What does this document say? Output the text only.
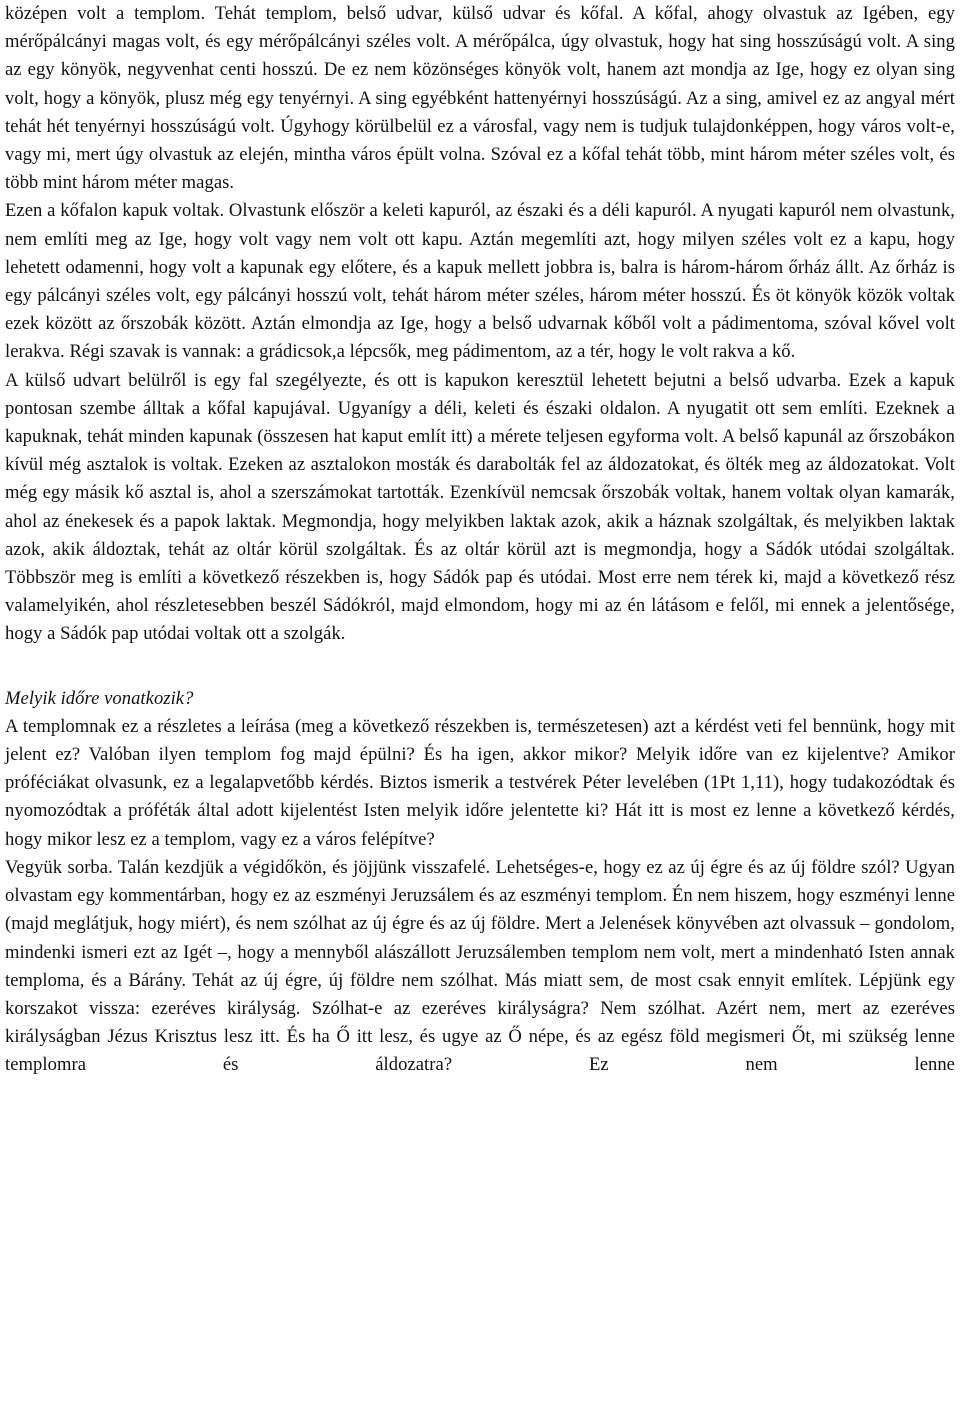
középen volt a templom. Tehát templom, belső udvar, külső udvar és kőfal. A kőfal, ahogy olvastuk az Igében, egy mérőpálcányi magas volt, és egy mérőpálcányi széles volt. A mérőpálca, úgy olvastuk, hogy hat sing hosszúságú volt. A sing az egy könyök, negyvenhat centi hosszú. De ez nem közönséges könyök volt, hanem azt mondja az Ige, hogy ez olyan sing volt, hogy a könyök, plusz még egy tenyérnyi. A sing egyébként hattenyérnyi hosszúságú. Az a sing, amivel ez az angyal mért tehát hét tenyérnyi hosszúságú volt. Úgyhogy körülbelül ez a városfal, vagy nem is tudjuk tulajdonképpen, hogy város volt-e, vagy mi, mert úgy olvastuk az elején, mintha város épült volna. Szóval ez a kőfal tehát több, mint három méter széles volt, és több mint három méter magas.

Ezen a kőfalon kapuk voltak. Olvastunk először a keleti kapuról, az északi és a déli kapuról. A nyugati kapuról nem olvastunk, nem említi meg az Ige, hogy volt vagy nem volt ott kapu. Aztán megemlíti azt, hogy milyen széles volt ez a kapu, hogy lehetett odamenni, hogy volt a kapunak egy előtere, és a kapuk mellett jobbra is, balra is három-három őrház állt. Az őrház is egy pálcányi széles volt, egy pálcányi hosszú volt, tehát három méter széles, három méter hosszú. És öt könyök közök voltak ezek között az őrszobák között. Aztán elmondja az Ige, hogy a belső udvarnak kőből volt a pádimentoma, szóval kővel volt lerakva. Régi szavak is vannak: a grádicsok,a lépcsők, meg pádimentom, az a tér, hogy le volt rakva a kő.

A külső udvart belülről is egy fal szegélyezte, és ott is kapukon keresztül lehetett bejutni a belső udvarba. Ezek a kapuk pontosan szembe álltak a kőfal kapujával. Ugyanígy a déli, keleti és északi oldalon. A nyugatit ott sem említi. Ezeknek a kapuknak, tehát minden kapunak (összesen hat kaput említ itt) a mérete teljesen egyforma volt. A belső kapunál az őrszobákon kívül még asztalok is voltak. Ezeken az asztalokon mosták és darabolták fel az áldozatokat, és ölték meg az áldozatokat. Volt még egy másik kő asztal is, ahol a szerszámokat tartották. Ezenkívül nemcsak őrszobák voltak, hanem voltak olyan kamarák, ahol az énekesek és a papok laktak. Megmondja, hogy melyikben laktak azok, akik a háznak szolgáltak, és melyikben laktak azok, akik áldoztak, tehát az oltár körül szolgáltak. És az oltár körül azt is megmondja, hogy a Sádók utódai szolgáltak. Többször meg is említi a következő részekben is, hogy Sádók pap és utódai. Most erre nem térek ki, majd a következő rész valamelyikén, ahol részletesebben beszél Sádókról, majd elmondom, hogy mi az én látásom e felől, mi ennek a jelentősége, hogy a Sádók pap utódai voltak ott a szolgák.

Melyik időre vonatkozik?

A templomnak ez a részletes a leírása (meg a következő részekben is, természetesen) azt a kérdést veti fel bennünk, hogy mit jelent ez? Valóban ilyen templom fog majd épülni? És ha igen, akkor mikor? Melyik időre van ez kijelentve? Amikor próféciákat olvasunk, ez a legalapvetőbb kérdés. Biztos ismerik a testvérek Péter levelében (1Pt 1,11), hogy tudakozódtak és nyomozódtak a próféták által adott kijelentést Isten melyik időre jelentette ki? Hát itt is most ez lenne a következő kérdés, hogy mikor lesz ez a templom, vagy ez a város felépítve?

Vegyük sorba. Talán kezdjük a végidőkön, és jöjjünk visszafelé. Lehetséges-e, hogy ez az új égre és az új földre szól? Ugyan olvastam egy kommentárban, hogy ez az eszményi Jeruzsálem és az eszményi templom. Én nem hiszem, hogy eszményi lenne (majd meglátjuk, hogy miért), és nem szólhat az új égre és az új földre. Mert a Jelenések könyvében azt olvassuk – gondolom, mindenki ismeri ezt az Igét –, hogy a mennyből alászállott Jeruzsálemben templom nem volt, mert a mindenható Isten annak temploma, és a Bárány. Tehát az új égre, új földre nem szólhat. Más miatt sem, de most csak ennyit említek. Lépjünk egy korszakot vissza: ezeréves királyság. Szólhat-e az ezeréves királyságra? Nem szólhat. Azért nem, mert az ezeréves királyságban Jézus Krisztus lesz itt. És ha Ő itt lesz, és ugye az Ő népe, és az egész föld megismeri Őt, mi szükség lenne templomra és áldozatra? Ez nem lenne
